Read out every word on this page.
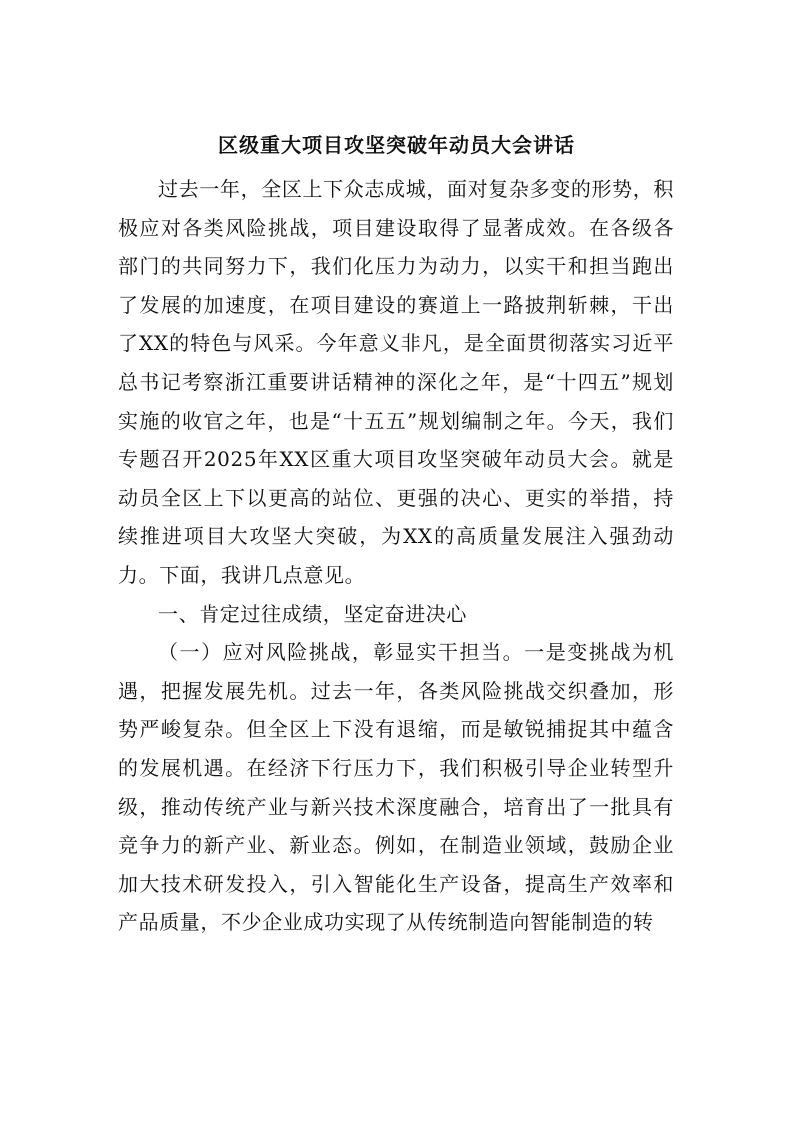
区级重大项目攻坚突破年动员大会讲话

过去一年，全区上下众志成城，面对复杂多变的形势，积极应对各类风险挑战，项目建设取得了显著成效。在各级各部门的共同努力下，我们化压力为动力，以实干和担当跑出了发展的加速度，在项目建设的赛道上一路披荆斩棘，干出了XX的特色与风采。今年意义非凡，是全面贯彻落实习近平总书记考察浙江重要讲话精神的深化之年，是“十四五”规划实施的收官之年，也是“十五五”规划编制之年。今天，我们专题召开2025年XX区重大项目攻坚突破年动员大会。就是动员全区上下以更高的站位、更强的决心、更实的举措，持续推进项目大攻坚大突破，为XX的高质量发展注入强劲动力。下面，我讲几点意见。

一、肯定过往成绩，坚定奋进决心

（一）应对风险挑战，彰显实干担当。一是变挑战为机遇，把握发展先机。过去一年，各类风险挑战交织叠加，形势严峻复杂。但全区上下没有退缩，而是敏锐捕捉其中蕴含的发展机遇。在经济下行压力下，我们积极引导企业转型升级，推动传统产业与新兴技术深度融合，培育出了一批具有竞争力的新产业、新业态。例如，在制造业领域，鼓励企业加大技术研发投入，引入智能化生产设备，提高生产效率和产品质量，不少企业成功实现了从传统制造向智能制造的转
